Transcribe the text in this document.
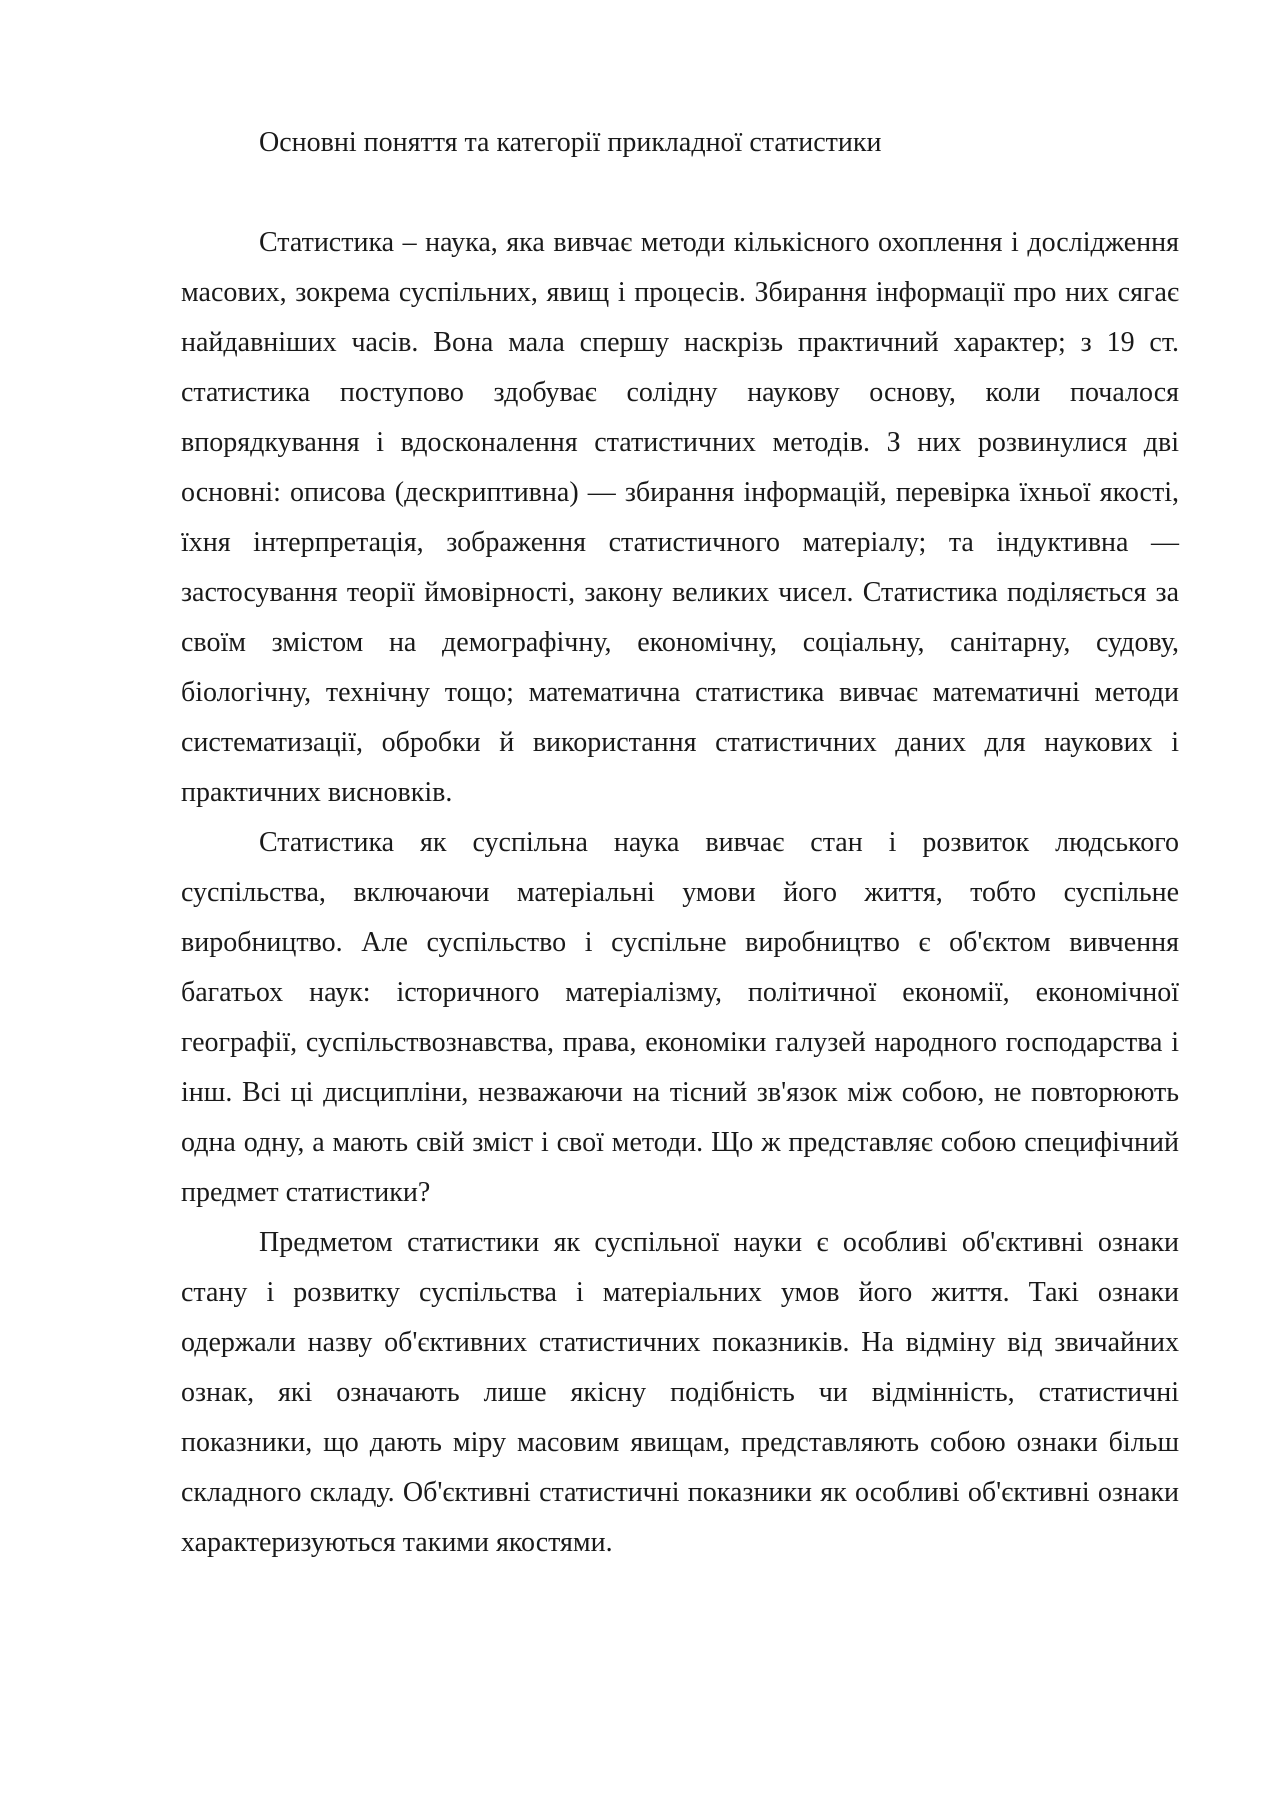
Основні поняття та категорії прикладної статистики

Статистика – наука, яка вивчає методи кількісного охоплення і дослідження масових, зокрема суспільних, явищ і процесів. Збирання інформації про них сягає найдавніших часів. Вона мала спершу наскрізь практичний характер; з 19 ст. статистика поступово здобуває солідну наукову основу, коли почалося впорядкування і вдосконалення статистичних методів. З них розвинулися дві основні: описова (дескриптивна) — збирання інформацій, перевірка їхньої якості, їхня інтерпретація, зображення статистичного матеріалу; та індуктивна — застосування теорії ймовірності, закону великих чисел. Статистика поділяється за своїм змістом на демографічну, економічну, соціальну, санітарну, судову, біологічну, технічну тощо; математична статистика вивчає математичні методи систематизації, обробки й використання статистичних даних для наукових і практичних висновків.

Статистика як суспільна наука вивчає стан і розвиток людського суспільства, включаючи матеріальні умови його життя, тобто суспільне виробництво. Але суспільство і суспільне виробництво є об'єктом вивчення багатьох наук: історичного матеріалізму, політичної економії, економічної географії, суспільствознавства, права, економіки галузей народного господарства і інш. Всі ці дисципліни, незважаючи на тісний зв'язок між собою, не повторюють одна одну, а мають свій зміст і свої методи. Що ж представляє собою специфічний предмет статистики?

Предметом статистики як суспільної науки є особливі об'єктивні ознаки стану і розвитку суспільства і матеріальних умов його життя. Такі ознаки одержали назву об'єктивних статистичних показників. На відміну від звичайних ознак, які означають лише якісну подібність чи відмінність, статистичні показники, що дають міру масовим явищам, представляють собою ознаки більш складного складу. Об'єктивні статистичні показники як особливі об'єктивні ознаки характеризуються такими якостями.
